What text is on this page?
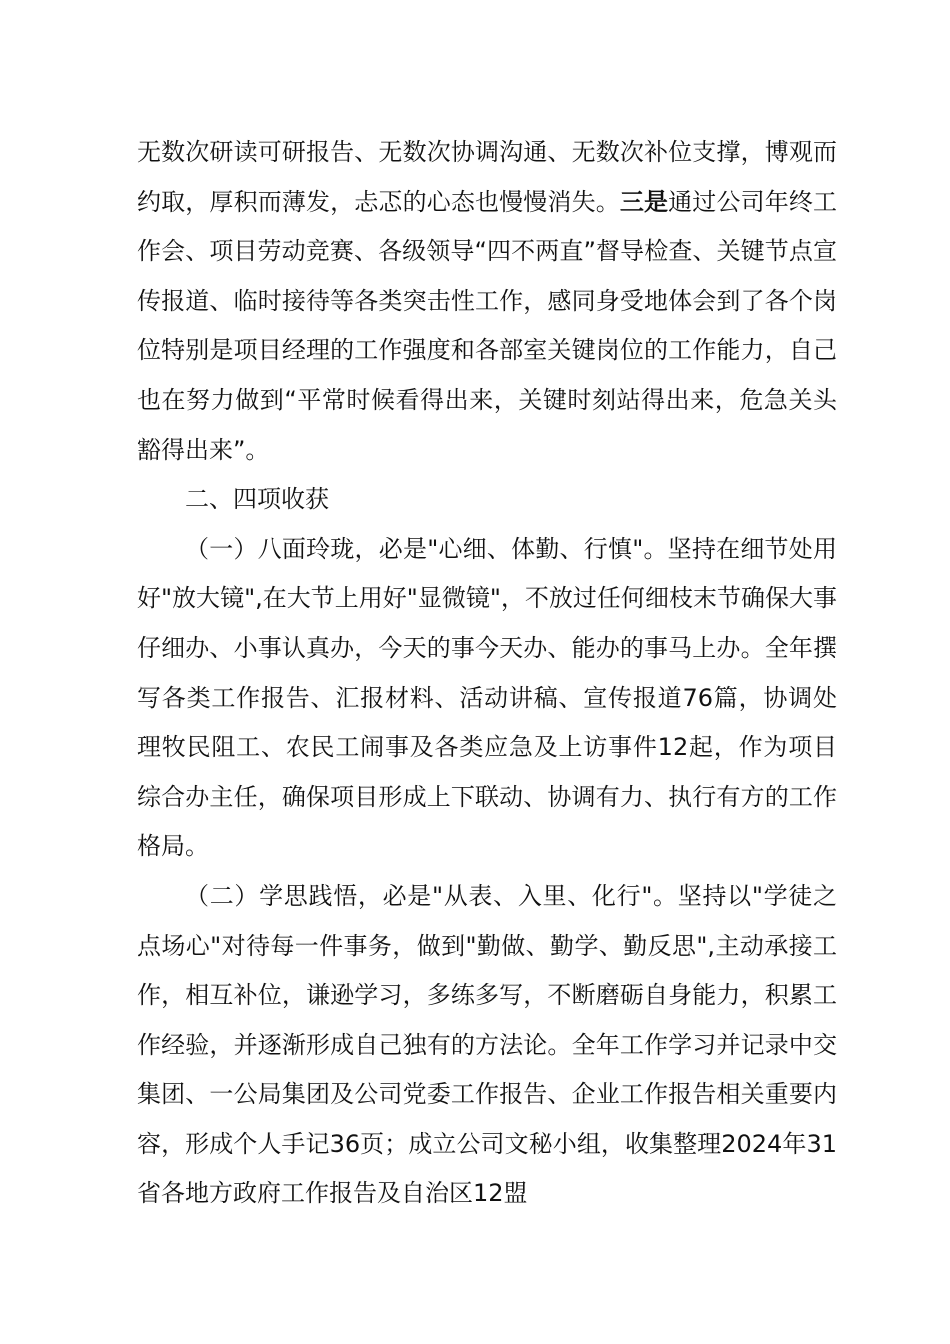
无数次研读可研报告、无数次协调沟通、无数次补位支撑，博观而约取，厚积而薄发，忐忑的心态也慢慢消失。三是通过公司年终工作会、项目劳动竞赛、各级领导“四不两直”督导检查、关键节点宣传报道、临时接待等各类突击性工作，感同身受地体会到了各个岗位特别是项目经理的工作强度和各部室关键岗位的工作能力，自己也在努力做到“平常时候看得出来，关键时刻站得出来，危急关头豁得出来”。

二、四项收获

（一）八面玲珑，必是"心细、体勤、行慎"。坚持在细节处用好"放大镜",在大节上用好"显微镜"，不放过任何细枝末节确保大事仔细办、小事认真办，今天的事今天办、能办的事马上办。全年撰写各类工作报告、汇报材料、活动讲稿、宣传报道76篇，协调处理牧民阻工、农民工闹事及各类应急及上访事件12起，作为项目综合办主任，确保项目形成上下联动、协调有力、执行有方的工作格局。

（二）学思践悟，必是"从表、入里、化行"。坚持以"学徒之点场心"对待每一件事务，做到"勤做、勤学、勤反思",主动承接工作，相互补位，谦逊学习，多练多写，不断磨砺自身能力，积累工作经验，并逐渐形成自己独有的方法论。全年工作学习并记录中交集团、一公局集团及公司党委工作报告、企业工作报告相关重要内容，形成个人手记36页；成立公司文秘小组，收集整理2024年31省各地方政府工作报告及自治区12盟
